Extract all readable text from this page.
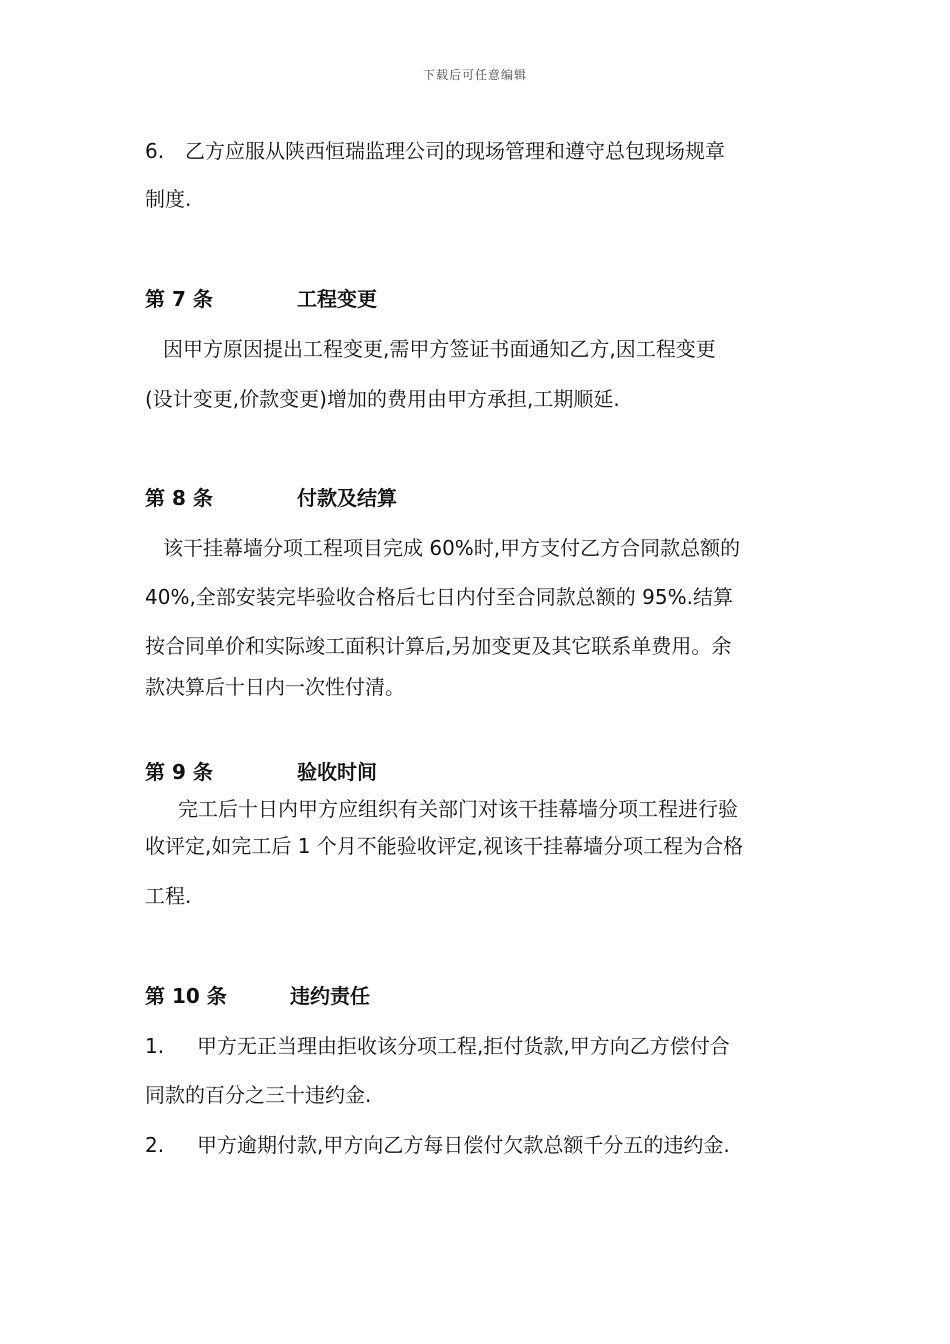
下载后可任意编辑
6. 乙方应服从陕西恒瑞监理公司的现场管理和遵守总包现场规章
制度.
第 7 条	工程变更
因甲方原因提出工程变更,需甲方签证书面通知乙方,因工程变更
(设计变更,价款变更)增加的费用由甲方承担,工期顺延.
第 8 条	付款及结算
该干挂幕墙分项工程项目完成 60%时,甲方支付乙方合同款总额的
40%,全部安装完毕验收合格后七日内付至合同款总额的 95%.结算
按合同单价和实际竣工面积计算后,另加变更及其它联系单费用。余
款决算后十日内一次性付清。
第 9 条	验收时间
完工后十日内甲方应组织有关部门对该干挂幕墙分项工程进行验
收评定,如完工后 1 个月不能验收评定,视该干挂幕墙分项工程为合格
工程.
第 10 条	违约责任
1. 甲方无正当理由拒收该分项工程,拒付货款,甲方向乙方偿付合
同款的百分之三十违约金.
2. 甲方逾期付款,甲方向乙方每日偿付欠款总额千分五的违约金.
